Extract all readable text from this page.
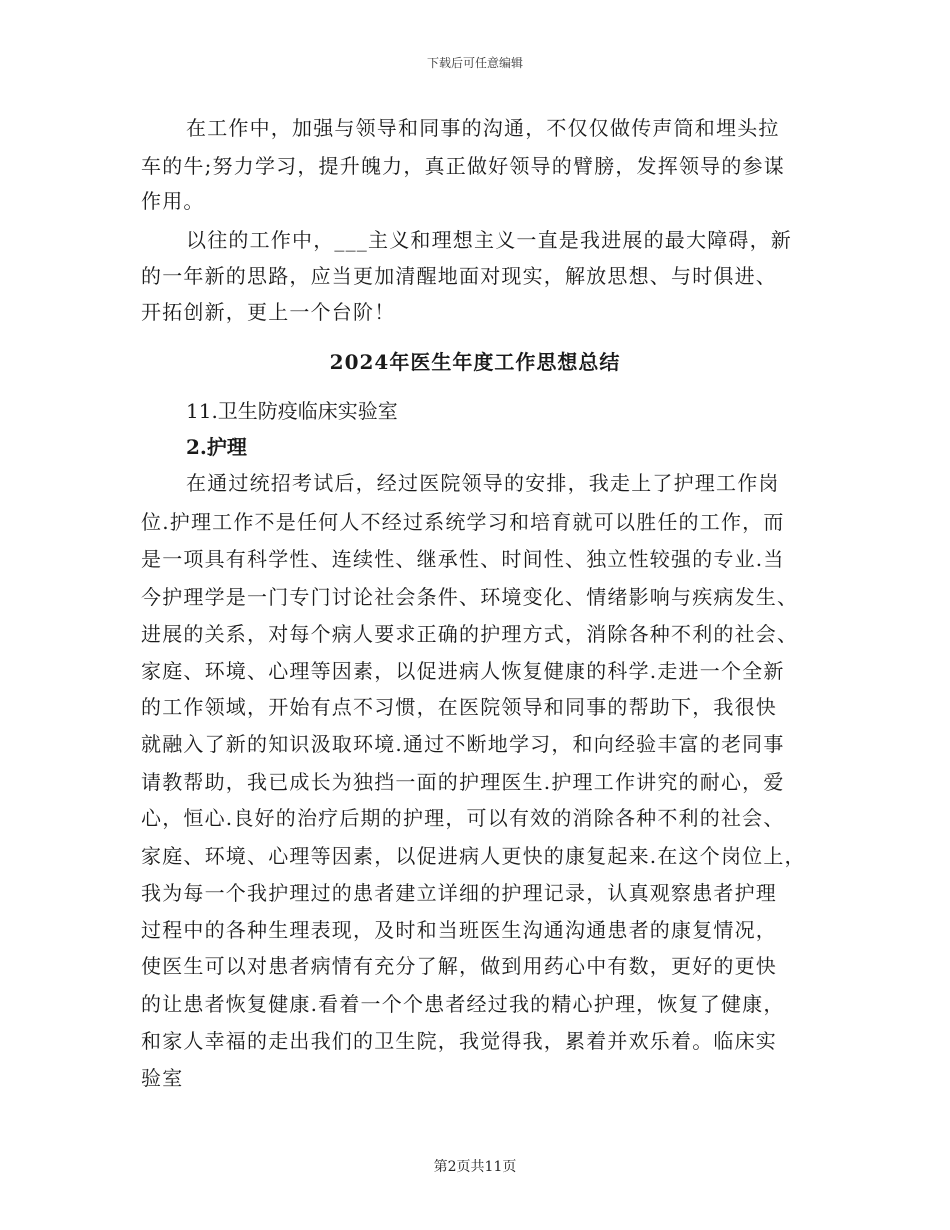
下载后可任意编辑
在工作中，加强与领导和同事的沟通，不仅仅做传声筒和埋头拉
车的牛;努力学习，提升魄力，真正做好领导的臂膀，发挥领导的参谋
作用。
以往的工作中，___主义和理想主义一直是我进展的最大障碍，新
的一年新的思路，应当更加清醒地面对现实，解放思想、与时俱进、
开拓创新，更上一个台阶！
2024年医生年度工作思想总结
11.卫生防疫临床实验室
2.护理
在通过统招考试后，经过医院领导的安排，我走上了护理工作岗
位.护理工作不是任何人不经过系统学习和培育就可以胜任的工作，而
是一项具有科学性、连续性、继承性、时间性、独立性较强的专业.当
今护理学是一门专门讨论社会条件、环境变化、情绪影响与疾病发生、
进展的关系，对每个病人要求正确的护理方式，消除各种不利的社会、
家庭、环境、心理等因素，以促进病人恢复健康的科学.走进一个全新
的工作领域，开始有点不习惯，在医院领导和同事的帮助下，我很快
就融入了新的知识汲取环境.通过不断地学习，和向经验丰富的老同事
请教帮助，我已成长为独挡一面的护理医生.护理工作讲究的耐心，爱
心，恒心.良好的治疗后期的护理，可以有效的消除各种不利的社会、
家庭、环境、心理等因素，以促进病人更快的康复起来.在这个岗位上，
我为每一个我护理过的患者建立详细的护理记录，认真观察患者护理
过程中的各种生理表现，及时和当班医生沟通沟通患者的康复情况，
使医生可以对患者病情有充分了解，做到用药心中有数，更好的更快
的让患者恢复健康.看着一个个患者经过我的精心护理，恢复了健康，
和家人幸福的走出我们的卫生院，我觉得我，累着并欢乐着。临床实
验室
第2页共11页
